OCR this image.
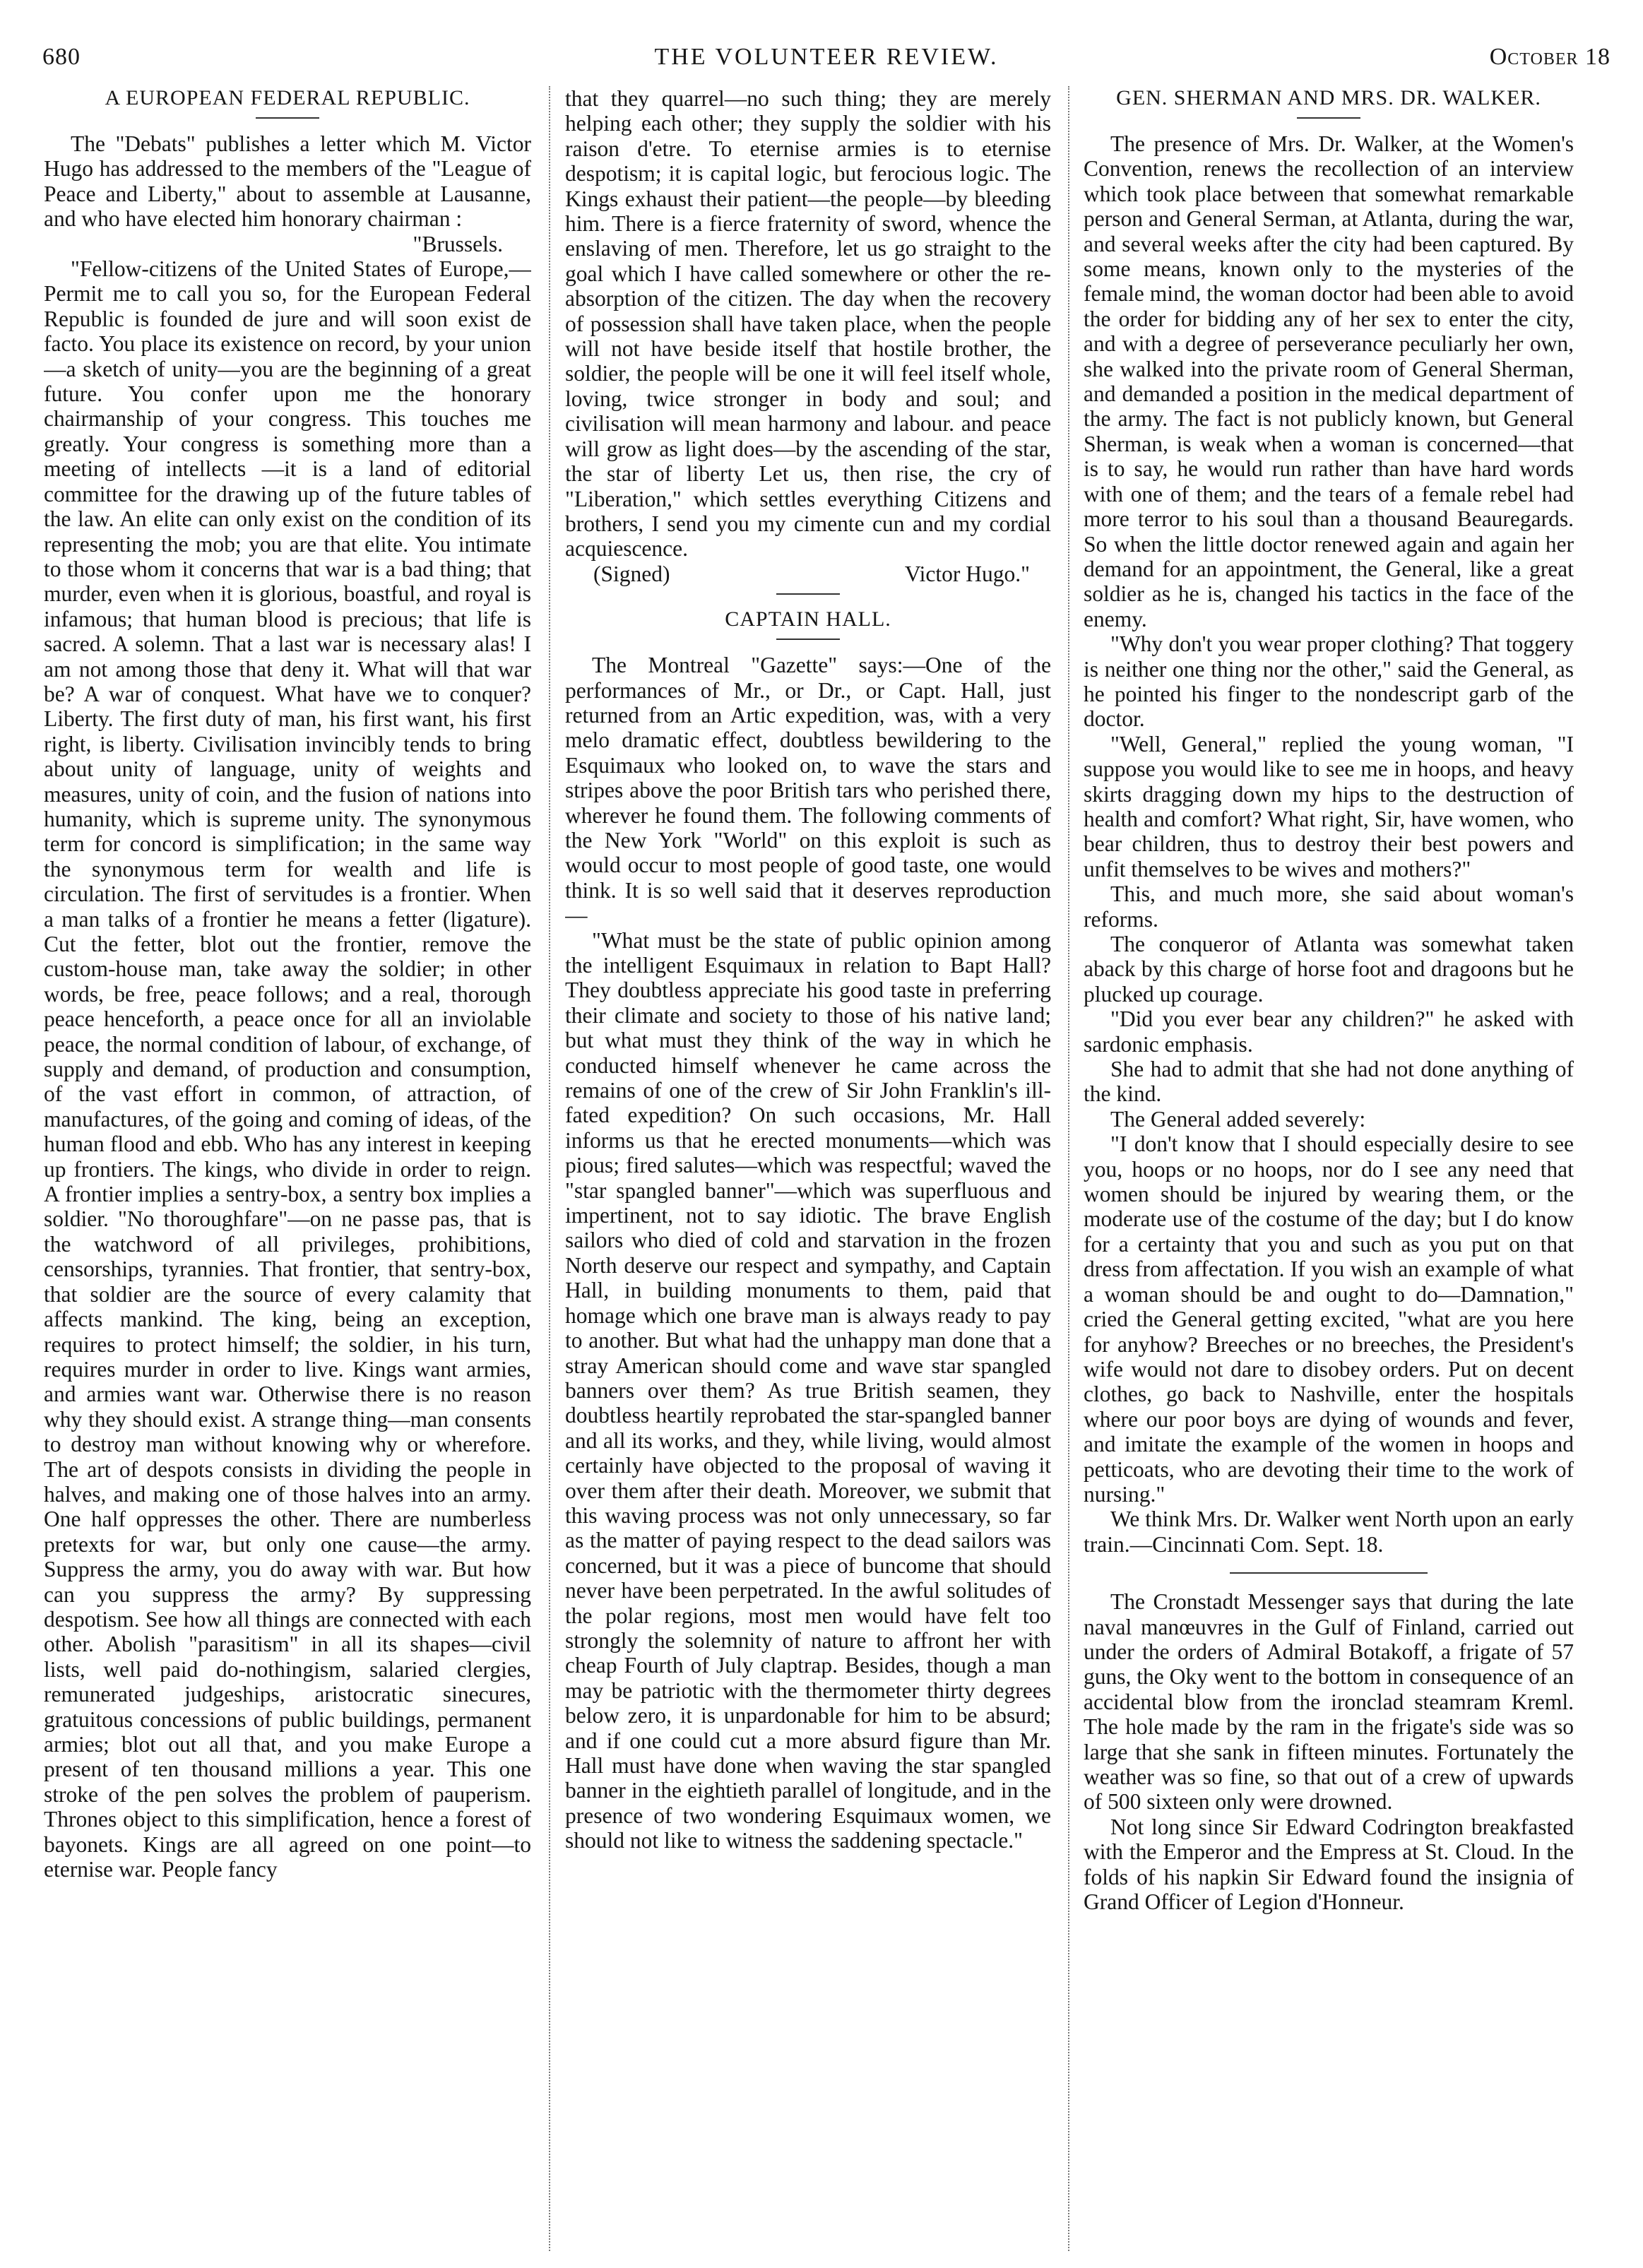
680	THE VOLUNTEER REVIEW.	October 18
A EUROPEAN FEDERAL REPUBLIC.

The "Debats" publishes a letter which M. Victor Hugo has addressed to the members of the "League of Peace and Liberty," about to assemble at Lausanne, and who have elected him honorary chairman :

"Brussels.

"Fellow-citizens of the United States of Europe,—Permit me to call you so, for the European Federal Republic is founded de jure and will soon exist de facto. You place its existence on record, by your union—a sketch of unity—you are the beginning of a great future. You confer upon me the honorary chairmanship of your congress. This touches me greatly. Your congress is something more than a meeting of intellects —it is a land of editorial committee for the drawing up of the future tables of the law. An elite can only exist on the condition of its representing the mob; you are that elite. You intimate to those whom it concerns that war is a bad thing; that murder, even when it is glorious, boastful, and royal is infamous; that human blood is precious; that life is sacred. A solemn. That a last war is necessary alas! I am not among those that deny it. What will that war be? A war of conquest. What have we to conquer? Liberty. The first duty of man, his first want, his first right, is liberty. Civilisation invincibly tends to bring about unity of language, unity of weights and measures, unity of coin, and the fusion of nations into humanity, which is supreme unity. The synonymous term for concord is simplification; in the same way the synonymous term for wealth and life is circulation. The first of servitudes is a frontier. When a man talks of a frontier he means a fetter (ligature). Cut the fetter, blot out the frontier, remove the custom-house man, take away the soldier; in other words, be free, peace follows; and a real, thorough peace henceforth, a peace once for all an inviolable peace, the normal condition of labour, of exchange, of supply and demand, of production and consumption, of the vast effort in common, of attraction, of manufactures, of the going and coming of ideas, of the human flood and ebb. Who has any interest in keeping up frontiers. The kings, who divide in order to reign. A frontier implies a sentry-box, a sentry box implies a soldier. "No thoroughfare"—on ne passe pas, that is the watchword of all privileges, prohibitions, censorships, tyrannies. That frontier, that sentry-box, that soldier are the source of every calamity that affects mankind. The king, being an exception, requires to protect himself; the soldier, in his turn, requires murder in order to live. Kings want armies, and armies want war. Otherwise there is no reason why they should exist. A strange thing—man consents to destroy man without knowing why or wherefore. The art of despots consists in dividing the people in halves, and making one of those halves into an army. One half oppresses the other. There are numberless pretexts for war, but only one cause—the army. Suppress the army, you do away with war. But how can you suppress the army? By suppressing despotism. See how all things are connected with each other. Abolish "parasitism" in all its shapes—civil lists, well paid do-nothingism, salaried clergies, remunerated judgeships, aristocratic sinecures, gratuitous concessions of public buildings, permanent armies; blot out all that, and you make Europe a present of ten thousand millions a year. This one stroke of the pen solves the problem of pauperism. Thrones object to this simplification, hence a forest of bayonets. Kings are all agreed on one point—to eternise war. People fancy

that they quarrel—no such thing; they are merely helping each other; they supply the soldier with his raison d'etre. To eternise armies is to eternise despotism; it is capital logic, but ferocious logic. The Kings exhaust their patient—the people—by bleeding him. There is a fierce fraternity of sword, whence the enslaving of men. Therefore, let us go straight to the goal which I have called somewhere or other the re-absorption of the citizen. The day when the recovery of possession shall have taken place, when the people will not have beside itself that hostile brother, the soldier, the people will be one it will feel itself whole, loving, twice stronger in body and soul; and civilisation will mean harmony and labour. and peace will grow as light does—by the ascending of the star, the star of liberty Let us, then rise, the cry of "Liberation," which settles everything Citizens and brothers, I send you my cimente cun and my cordial acquiescence.

(Signed)	Victor Hugo."
CAPTAIN HALL.

The Montreal "Gazette" says:—One of the performances of Mr., or Dr., or Capt. Hall, just returned from an Artic expedition, was, with a very melo dramatic effect, doubtless bewildering to the Esquimaux who looked on, to wave the stars and stripes above the poor British tars who perished there, wherever he found them. The following comments of the New York "World" on this exploit is such as would occur to most people of good taste, one would think. It is so well said that it deserves reproduction —

"What must be the state of public opinion among the intelligent Esquimaux in relation to Bapt Hall? They doubtless appreciate his good taste in preferring their climate and society to those of his native land; but what must they think of the way in which he conducted himself whenever he came across the remains of one of the crew of Sir John Franklin's ill-fated expedition? On such occasions, Mr. Hall informs us that he erected monuments—which was pious; fired salutes—which was respectful; waved the "star spangled banner"—which was superfluous and impertinent, not to say idiotic. The brave English sailors who died of cold and starvation in the frozen North deserve our respect and sympathy, and Captain Hall, in building monuments to them, paid that homage which one brave man is always ready to pay to another. But what had the unhappy man done that a stray American should come and wave star spangled banners over them? As true British seamen, they doubtless heartily reprobated the star-spangled banner and all its works, and they, while living, would almost certainly have objected to the proposal of waving it over them after their death. Moreover, we submit that this waving process was not only unnecessary, so far as the matter of paying respect to the dead sailors was concerned, but it was a piece of buncome that should never have been perpetrated. In the awful solitudes of the polar regions, most men would have felt too strongly the solemnity of nature to affront her with cheap Fourth of July claptrap. Besides, though a man may be patriotic with the thermometer thirty degrees below zero, it is unpardonable for him to be absurd; and if one could cut a more absurd figure than Mr. Hall must have done when waving the star spangled banner in the eightieth parallel of longitude, and in the presence of two wondering Esquimaux women, we should not like to witness the saddening spectacle."

GEN. SHERMAN AND MRS. DR. WALKER.

The presence of Mrs. Dr. Walker, at the Women's Convention, renews the recollection of an interview which took place between that somewhat remarkable person and General Serman, at Atlanta, during the war, and several weeks after the city had been captured. By some means, known only to the mysteries of the female mind, the woman doctor had been able to avoid the order for bidding any of her sex to enter the city, and with a degree of perseverance peculiarly her own, she walked into the private room of General Sherman, and demanded a position in the medical department of the army. The fact is not publicly known, but General Sherman, is weak when a woman is concerned—that is to say, he would run rather than have hard words with one of them; and the tears of a female rebel had more terror to his soul than a thousand Beauregards. So when the little doctor renewed again and again her demand for an appointment, the General, like a great soldier as he is, changed his tactics in the face of the enemy.

"Why don't you wear proper clothing? That toggery is neither one thing nor the other," said the General, as he pointed his finger to the nondescript garb of the doctor.

"Well, General," replied the young woman, "I suppose you would like to see me in hoops, and heavy skirts dragging down my hips to the destruction of health and comfort? What right, Sir, have women, who bear children, thus to destroy their best powers and unfit themselves to be wives and mothers?"

This, and much more, she said about woman's reforms.

The conqueror of Atlanta was somewhat taken aback by this charge of horse foot and dragoons but he plucked up courage.

"Did you ever bear any children?" he asked with sardonic emphasis.

She had to admit that she had not done anything of the kind.

The General added severely:

"I don't know that I should especially desire to see you, hoops or no hoops, nor do I see any need that women should be injured by wearing them, or the moderate use of the costume of the day; but I do know for a certainty that you and such as you put on that dress from affectation. If you wish an example of what a woman should be and ought to do—Damnation," cried the General getting excited, "what are you here for anyhow? Breeches or no breeches, the President's wife would not dare to disobey orders. Put on decent clothes, go back to Nashville, enter the hospitals where our poor boys are dying of wounds and fever, and imitate the example of the women in hoops and petticoats, who are devoting their time to the work of nursing."

We think Mrs. Dr. Walker went North upon an early train.—Cincinnati Com. Sept. 18.

The Cronstadt Messenger says that during the late naval manœuvres in the Gulf of Finland, carried out under the orders of Admiral Botakoff, a frigate of 57 guns, the Oky went to the bottom in consequence of an accidental blow from the ironclad steamram Kreml. The hole made by the ram in the frigate's side was so large that she sank in fifteen minutes. Fortunately the weather was so fine, so that out of a crew of upwards of 500 sixteen only were drowned.

Not long since Sir Edward Codrington breakfasted with the Emperor and the Empress at St. Cloud. In the folds of his napkin Sir Edward found the insignia of Grand Officer of Legion d'Honneur.
